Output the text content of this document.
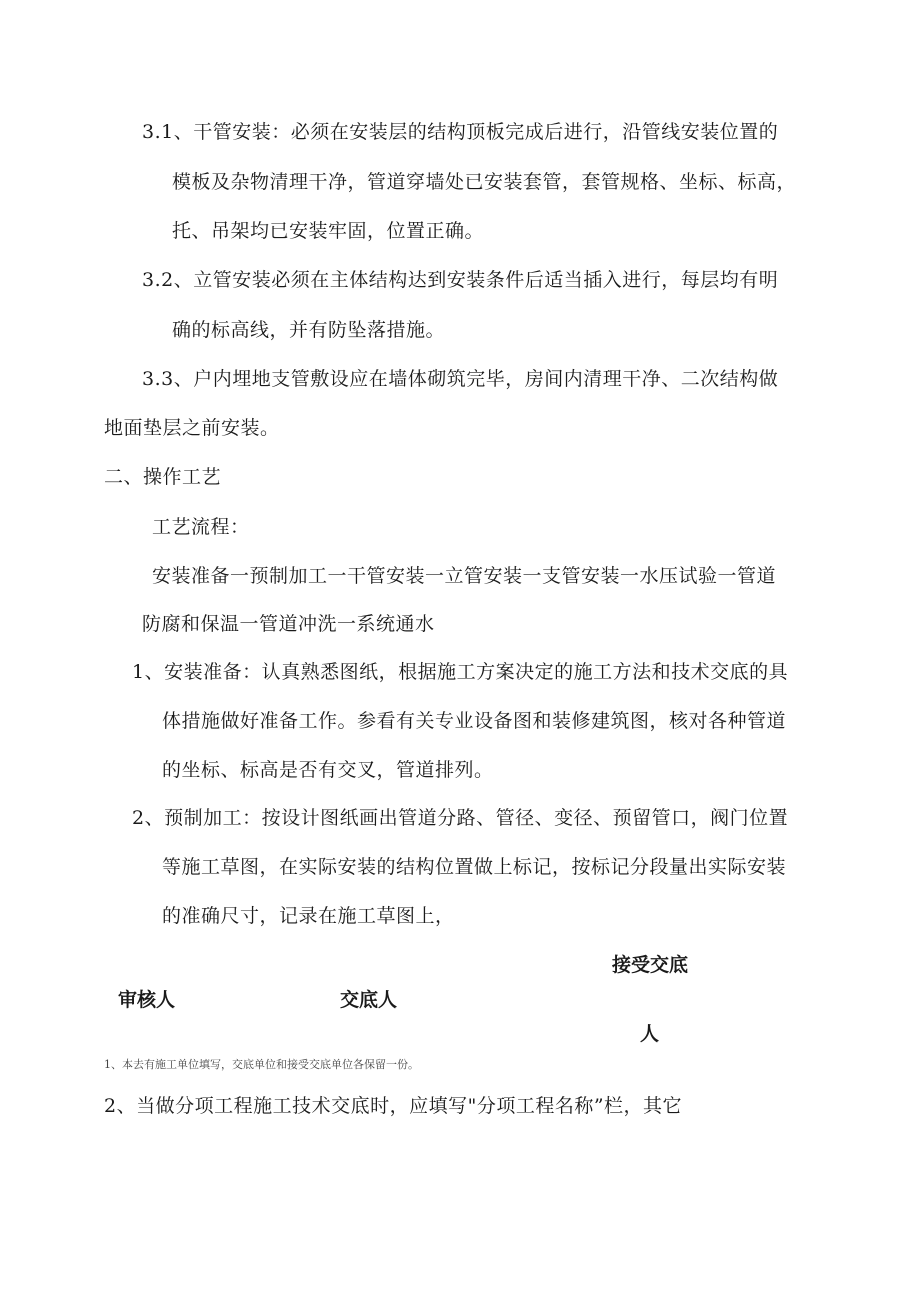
3.1、干管安装：必须在安装层的结构顶板完成后进行，沿管线安装位置的
模板及杂物清理干净，管道穿墙处已安装套管，套管规格、坐标、标高，
托、吊架均已安装牢固，位置正确。
3.2、立管安装必须在主体结构达到安装条件后适当插入进行，每层均有明
确的标高线，并有防坠落措施。
3.3、户内埋地支管敷设应在墙体砌筑完毕，房间内清理干净、二次结构做
地面垫层之前安装。
二、操作工艺
工艺流程：
安装准备一预制加工一干管安装一立管安装一支管安装一水压试验一管道
防腐和保温一管道冲洗一系统通水
1、安装准备：认真熟悉图纸，根据施工方案决定的施工方法和技术交底的具
体措施做好准备工作。参看有关专业设备图和装修建筑图，核对各种管道
的坐标、标高是否有交叉，管道排列。
2、预制加工：按设计图纸画出管道分路、管径、变径、预留管口，阀门位置
等施工草图，在实际安装的结构位置做上标记，按标记分段量出实际安装
的准确尺寸，记录在施工草图上，
接受交底
审核人	交底人
人
1、本去有施工单位填写，交底单位和接受交底单位各保留一份。
2、当做分项工程施工技术交底时，应填写"分项工程名称”栏，其它
